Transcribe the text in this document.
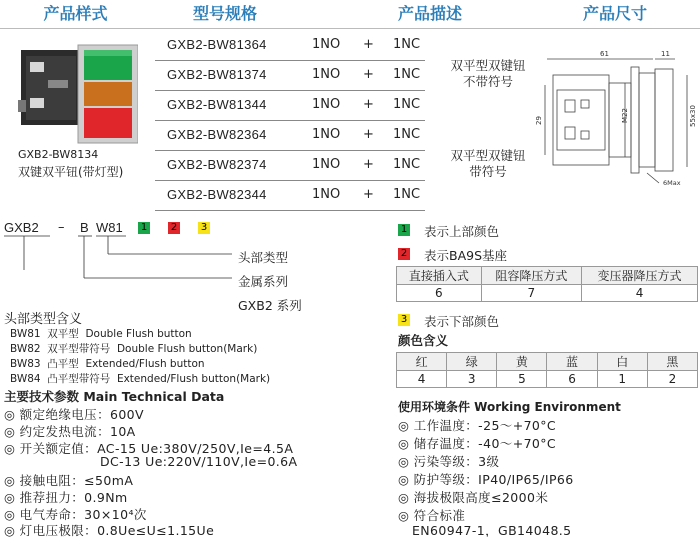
产品样式	型号规格	产品描述	产品尺寸
GXB2-BW8134
双键双平钮(带灯型)
GXB2-BW81364	1NO + 1NC
GXB2-BW81374	1NO + 1NC
GXB2-BW81344	1NO + 1NC
GXB2-BW82364	1NO + 1NC
GXB2-BW82374	1NO + 1NC
GXB2-BW82344	1NO + 1NC
双平型双键钮
不带符号
双平型双键钮
带符号
61	11
29	M22	55x30
6Max
GXB2 – B W81 1 2 3
头部类型
金属系列
GXB2 系列
头部类型含义
BW81 双平型 Double Flush button
BW82 双平型带符号 Double Flush button(Mark)
BW83 凸平型 Extended/Flush button
BW84 凸平型带符号 Extended/Flush button(Mark)
主要技术参数 Main Technical Data
◎ 额定绝缘电压：600V
◎ 约定发热电流：10A
◎ 开关额定值：AC-15 Ue:380V/250V,Ie=4.5A
DC-13 Ue:220V/110V,Ie=0.6A
◎ 接触电阻：≤50mA
◎ 推荐扭力：0.9Nm
◎ 电气寿命：30×10⁴次
◎ 灯电压极限：0.8Ue≤U≤1.15Ue
1 表示上部颜色
2 表示BA9S基座
直接插入式	阻容降压方式	变压器降压方式
6	7	4
3 表示下部颜色
颜色含义
红	绿	黄	蓝	白	黑
4	3	5	6	1	2
使用环境条件 Working Environment
◎ 工作温度：-25～+70°C
◎ 储存温度：-40～+70°C
◎ 污染等级：3级
◎ 防护等级：IP40/IP65/IP66
◎ 海拔极限高度≤2000米
◎ 符合标准
EN60947-1，GB14048.5
